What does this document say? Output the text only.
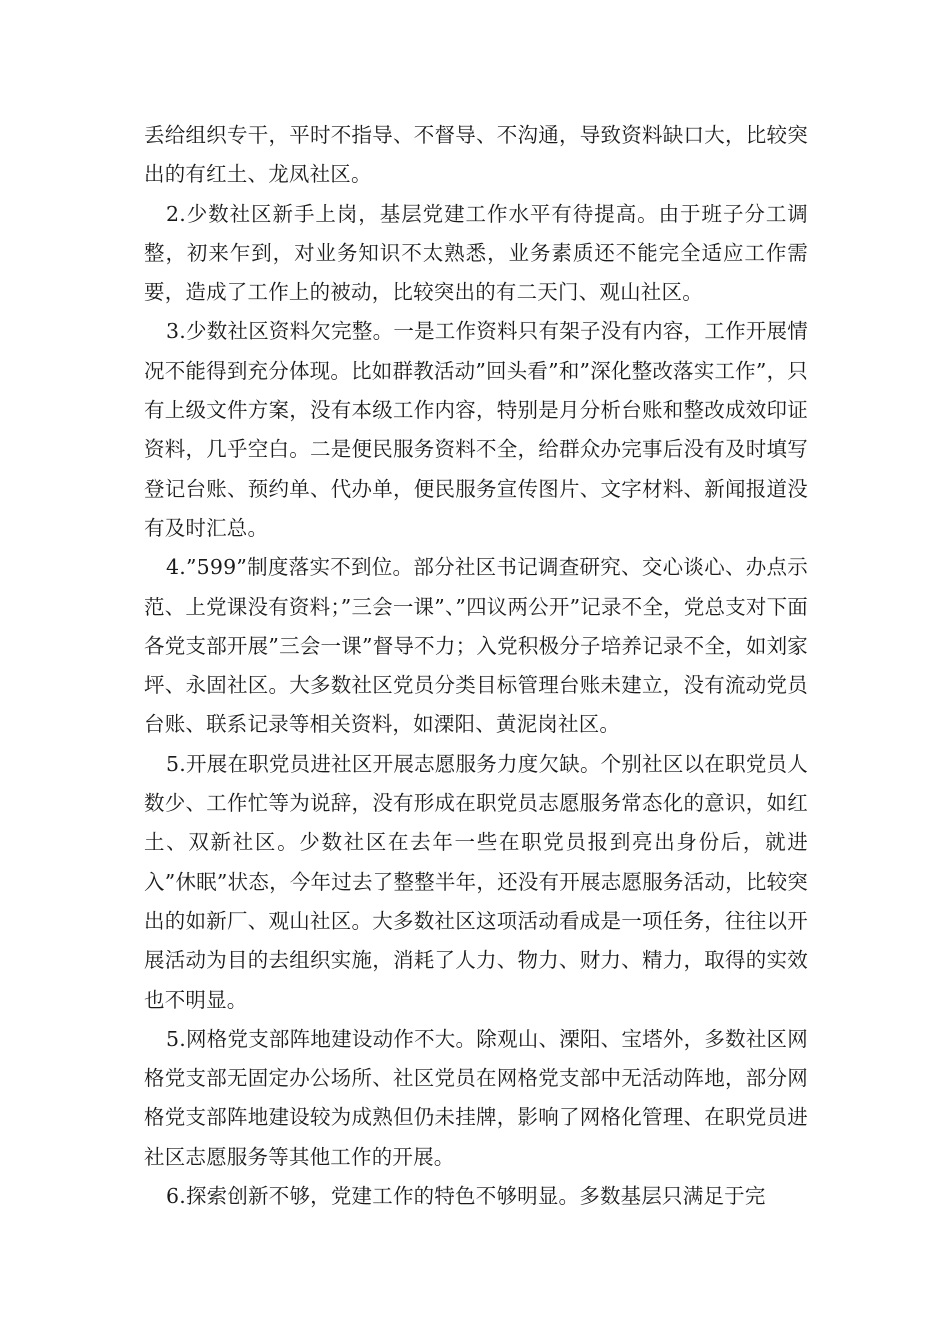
丢给组织专干，平时不指导、不督导、不沟通，导致资料缺口大，比较突出的有红土、龙凤社区。

2.少数社区新手上岗，基层党建工作水平有待提高。由于班子分工调整，初来乍到，对业务知识不太熟悉，业务素质还不能完全适应工作需要，造成了工作上的被动，比较突出的有二天门、观山社区。

3.少数社区资料欠完整。一是工作资料只有架子没有内容，工作开展情况不能得到充分体现。比如群教活动”回头看”和”深化整改落实工作”，只有上级文件方案，没有本级工作内容，特别是月分析台账和整改成效印证资料，几乎空白。二是便民服务资料不全，给群众办完事后没有及时填写登记台账、预约单、代办单，便民服务宣传图片、文字材料、新闻报道没有及时汇总。

4.”599”制度落实不到位。部分社区书记调查研究、交心谈心、办点示范、上党课没有资料；”三会一课”、”四议两公开”记录不全，党总支对下面各党支部开展”三会一课”督导不力；入党积极分子培养记录不全，如刘家坪、永固社区。大多数社区党员分类目标管理台账未建立，没有流动党员台账、联系记录等相关资料，如溧阳、黄泥岗社区。

5.开展在职党员进社区开展志愿服务力度欠缺。个别社区以在职党员人数少、工作忙等为说辞，没有形成在职党员志愿服务常态化的意识，如红土、双新社区。少数社区在去年一些在职党员报到亮出身份后，就进入”休眠”状态，今年过去了整整半年，还没有开展志愿服务活动，比较突出的如新厂、观山社区。大多数社区这项活动看成是一项任务，往往以开展活动为目的去组织实施，消耗了人力、物力、财力、精力，取得的实效也不明显。

5.网格党支部阵地建设动作不大。除观山、溧阳、宝塔外，多数社区网格党支部无固定办公场所、社区党员在网格党支部中无活动阵地，部分网格党支部阵地建设较为成熟但仍未挂牌，影响了网格化管理、在职党员进社区志愿服务等其他工作的开展。

6.探索创新不够，党建工作的特色不够明显。多数基层只满足于完
